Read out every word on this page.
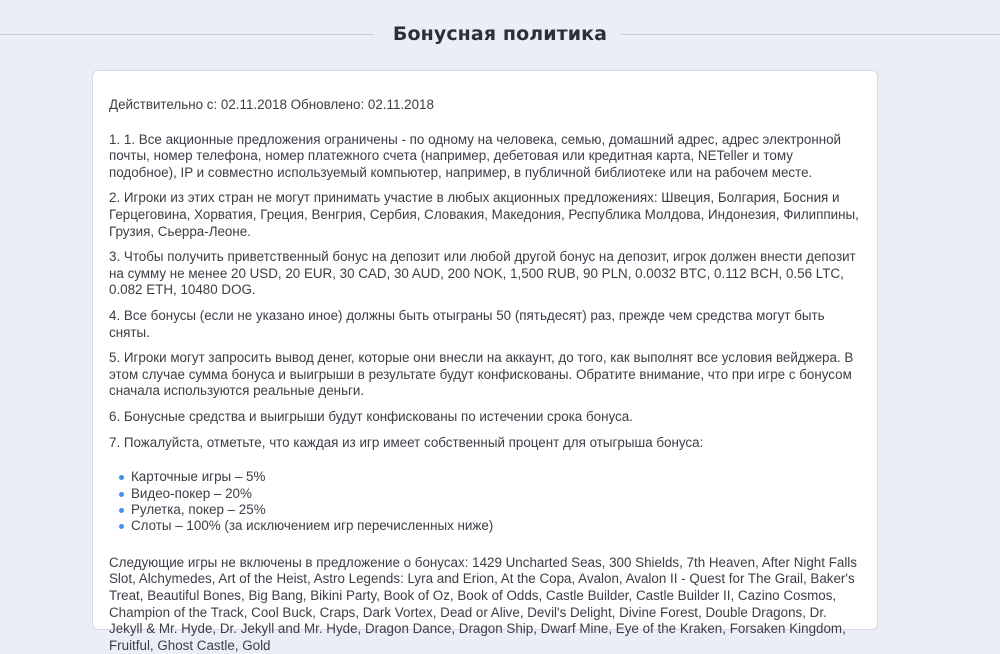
Бонусная политика

Действительно с: 02.11.2018 Обновлено: 02.11.2018

1. 1. Все акционные предложения ограничены - по одному на человека, семью, домашний адрес, адрес электронной почты, номер телефона, номер платежного счета (например, дебетовая или кредитная карта, NETeller и тому подобное), IP и совместно используемый компьютер, например, в публичной библиотеке или на рабочем месте.

2. Игроки из этих стран не могут принимать участие в любых акционных предложениях: Швеция, Болгария, Босния и Герцеговина, Хорватия, Греция, Венгрия, Сербия, Словакия, Македония, Республика Молдова, Индонезия, Филиппины, Грузия, Сьерра-Леоне.

3. Чтобы получить приветственный бонус на депозит или любой другой бонус на депозит, игрок должен внести депозит на сумму не менее 20 USD, 20 EUR, 30 CAD, 30 AUD, 200 NOK, 1,500 RUB, 90 PLN, 0.0032 BTC, 0.112 BCH, 0.56 LTC, 0.082 ETH, 10480 DOG.

4. Все бонусы (если не указано иное) должны быть отыграны 50 (пятьдесят) раз, прежде чем средства могут быть сняты.

5. Игроки могут запросить вывод денег, которые они внесли на аккаунт, до того, как выполнят все условия вейджера. В этом случае сумма бонуса и выигрыши в результате будут конфискованы. Обратите внимание, что при игре с бонусом сначала используются реальные деньги.

6. Бонусные средства и выигрыши будут конфискованы по истечении срока бонуса.

7. Пожалуйста, отметьте, что каждая из игр имеет собственный процент для отыгрыша бонуса:

Карточные игры – 5%
Видео-покер – 20%
Рулетка, покер – 25%
Слоты – 100% (за исключением игр перечисленных ниже)

Следующие игры не включены в предложение о бонусах: 1429 Uncharted Seas, 300 Shields, 7th Heaven, After Night Falls Slot, Alchymedes, Art of the Heist, Astro Legends: Lyra and Erion, At the Copa, Avalon, Avalon II - Quest for The Grail, Baker's Treat, Beautiful Bones, Big Bang, Bikini Party, Book of Oz, Book of Odds, Castle Builder, Castle Builder II, Cazino Cosmos, Champion of the Track, Cool Buck, Craps, Dark Vortex, Dead or Alive, Devil's Delight, Divine Forest, Double Dragons, Dr. Jekyll & Mr. Hyde, Dr. Jekyll and Mr. Hyde, Dragon Dance, Dragon Ship, Dwarf Mine, Eye of the Kraken, Forsaken Kingdom, Fruitful, Ghost Castle, Gold
